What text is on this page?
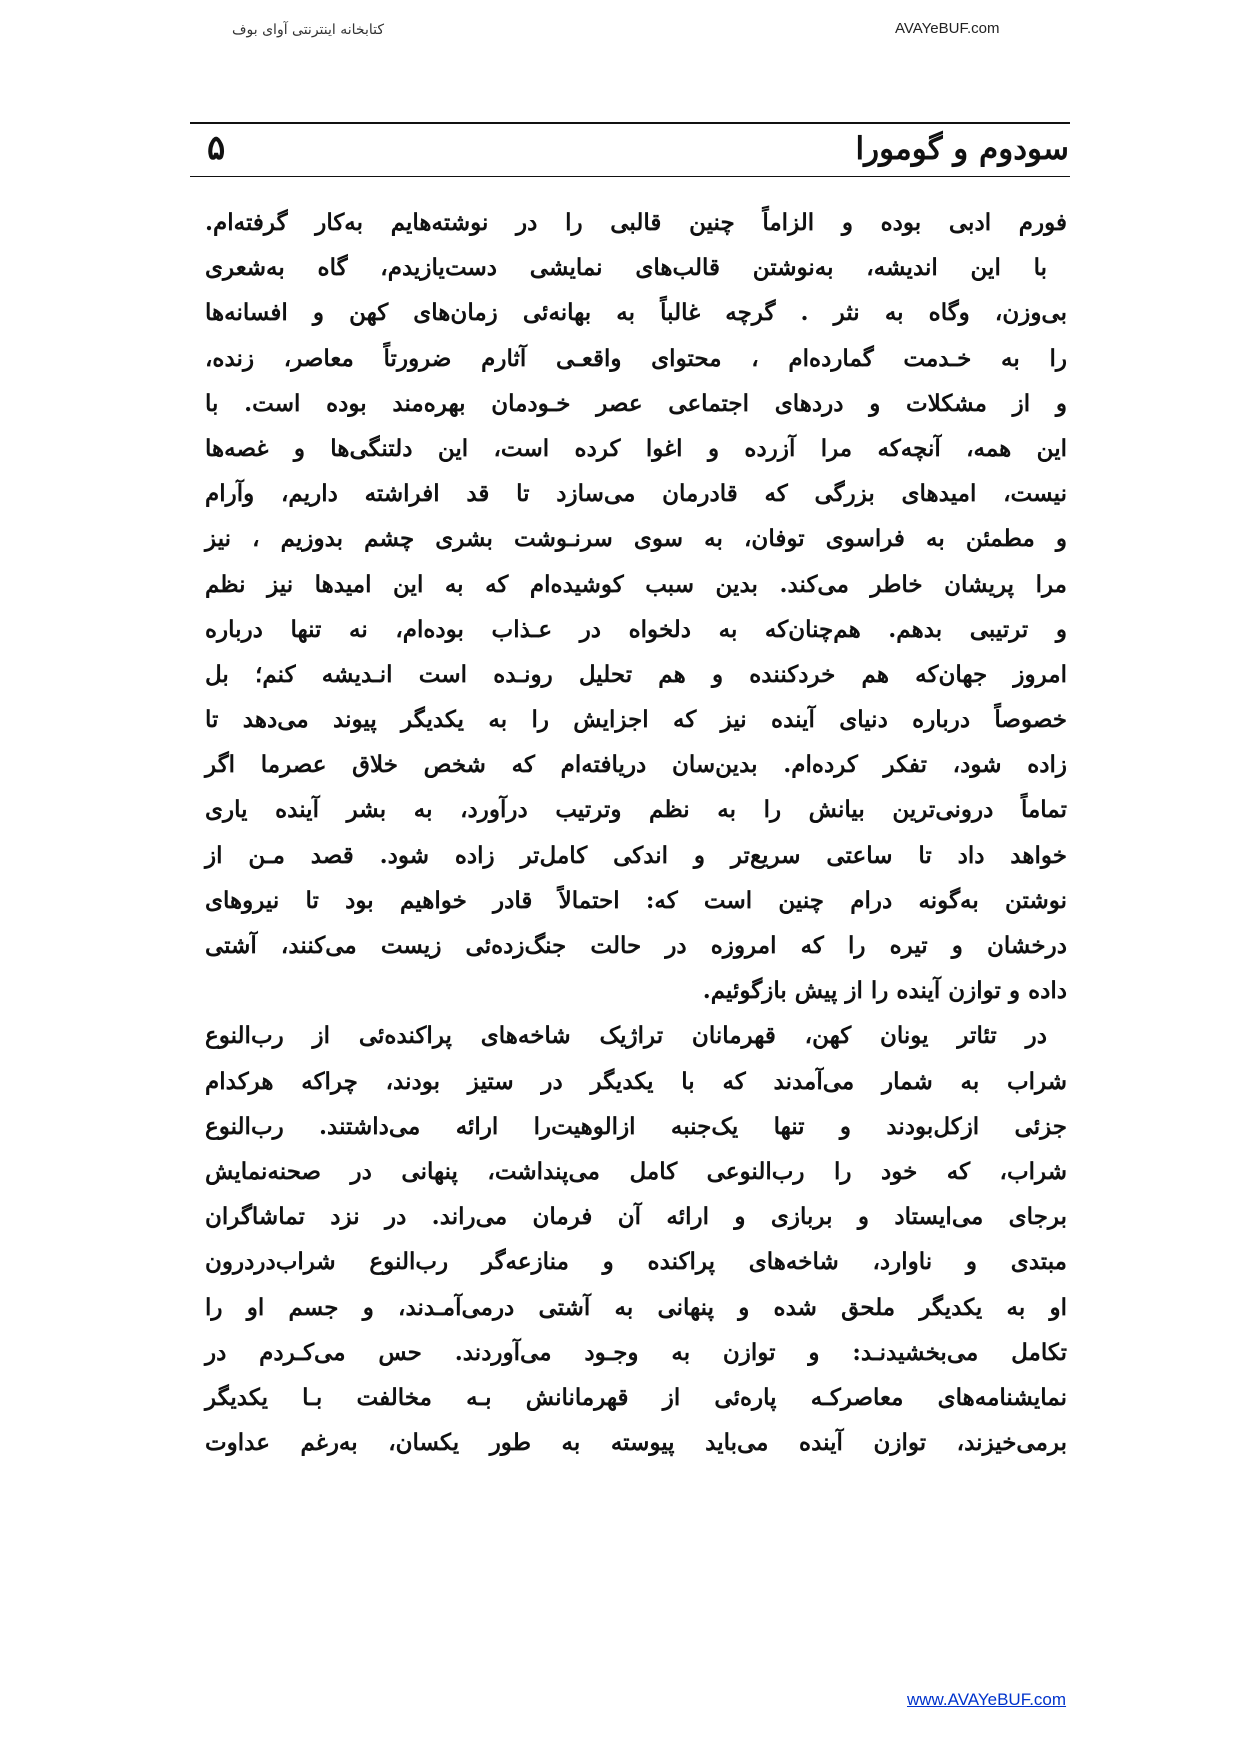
کتابخانه اینترنتی آوای بوف	AVAYeBUF.com
سودوم و گومورا
۵
فورم ادبی بوده و الزاماً چنین قالبی را در نوشته‌هایم به‌کار گرفته‌ام.
با این اندیشه، به‌نوشتن قالب‌های نمایشی دست‌یازیدم، گاه به‌شعری
بی‌وزن، وگاه به نثر . گرچه غالباً به بهانه‌ئی زمان‌های کهن و افسانه‌ها
را به خـدمت گمارده‌ام ، محتوای واقعـی آثارم ضرورتاً معاصر، زنده،
و از مشکلات و دردهای اجتماعی عصر خـودمان بهره‌مند بوده است. با
این همه، آنچه‌که مرا آزرده و اغوا کرده است، این دلتنگی‌ها و غصه‌ها
نیست، امیدهای بزرگی که قادرمان می‌سازد تا قد افراشته داریم، وآرام
و مطمئن به فراسوی توفان، به سوی سرنـوشت بشری چشم بدوزیم ، نیز
مرا پریشان خاطر می‌کند. بدین سبب کوشیده‌ام که به این امیدها نیز نظم
و ترتیبی بدهم. هم‌چنان‌که به دلخواه در عـذاب بوده‌ام، نه تنها درباره
امروز جهان‌که هم خردکننده و هم تحلیل رونـده است انـدیشه کنم؛ بل
خصوصاً درباره دنیای آینده نیز که اجزایش را به یکدیگر پیوند می‌دهد تا
زاده شود، تفکر کرده‌ام. بدین‌سان دریافته‌ام که شخص خلاق عصرما اگر
تماماً درونی‌ترین بیانش را به نظم وترتیب درآورد، به بشر آینده یاری
خواهد داد تا ساعتی سریع‌تر و اندکی کامل‌تر زاده شود. قصد مـن از
نوشتن به‌گونه درام چنین است که: احتمالاً قادر خواهیم بود تا نیروهای
درخشان و تیره را که امروزه در حالت جنگ‌زده‌ئی زیست می‌کنند، آشتی
داده و توازن آینده را از پیش بازگوئیم.
در تئاتر یونان کهن، قهرمانان تراژیک شاخه‌های پراکنده‌ئی از رب‌النوع
شراب به شمار می‌آمدند که با یکدیگر در ستیز بودند، چراکه هرکدام
جزئی ازکل‌بودند و تنها یک‌جنبه ازالوهیت‌را ارائه می‌داشتند. رب‌النوع
شراب، که خود را رب‌النوعی کامل می‌پنداشت، پنهانی در صحنه‌نمایش
برجای می‌ایستاد و بربازی و ارائه آن فرمان می‌راند. در نزد تماشاگران
مبتدی و ناوارد، شاخه‌های پراکنده و منازعه‌گر رب‌النوع شراب‌دردرون
او به یکدیگر ملحق شده و پنهانی به آشتی درمی‌آمـدند، و جسم او را
تکامل می‌بخشیدنـد: و توازن به وجـود می‌آوردند. حس می‌کـردم در
نمایشنامه‌های معاصرکـه پاره‌ئی از قهرمانانش بـه مخالفت بـا یکدیگر
برمی‌خیزند، توازن آینده می‌باید پیوسته به طور یکسان، به‌رغم عداوت
www.AVAYeBUF.com
